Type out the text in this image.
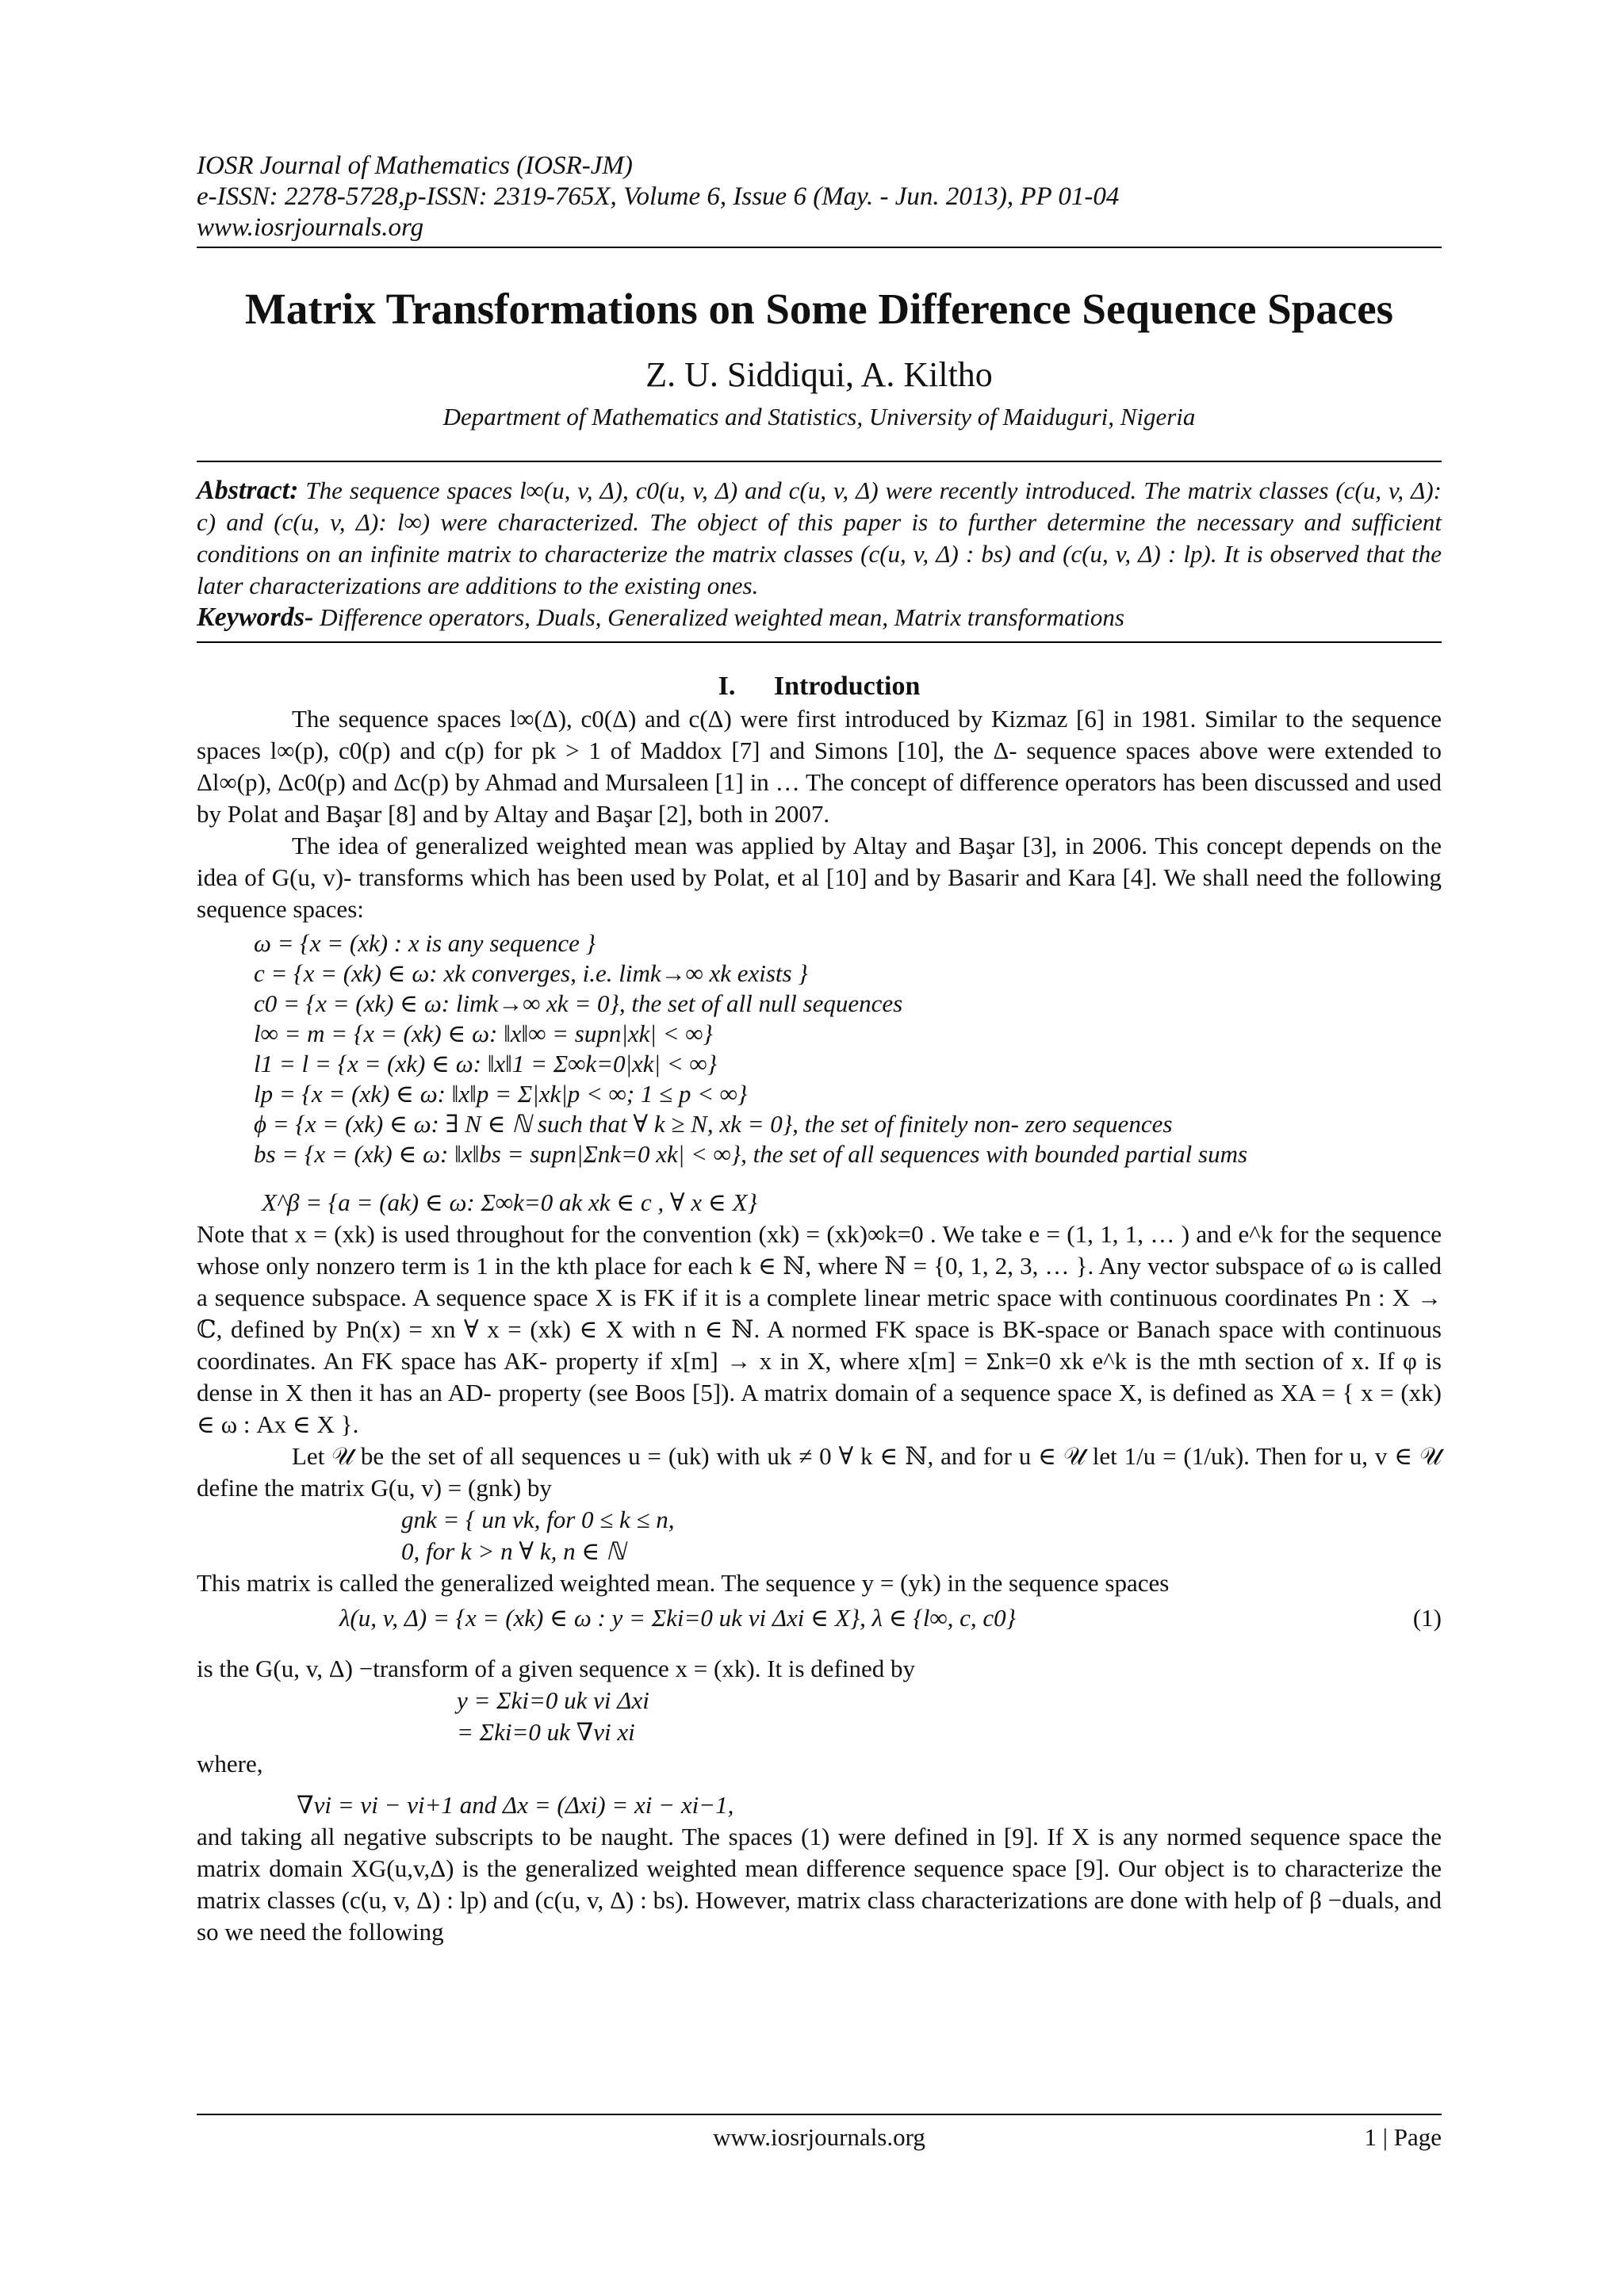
IOSR Journal of Mathematics (IOSR-JM)
e-ISSN: 2278-5728,p-ISSN: 2319-765X, Volume 6, Issue 6 (May. - Jun. 2013), PP 01-04
www.iosrjournals.org
Matrix Transformations on Some Difference Sequence Spaces
Z. U. Siddiqui, A. Kiltho
Department of Mathematics and Statistics, University of Maiduguri, Nigeria
Abstract: The sequence spaces l∞(u, v, Δ), c0(u, v, Δ) and c(u, v, Δ) were recently introduced. The matrix classes (c(u, v, Δ): c) and (c(u, v, Δ): l∞) were characterized. The object of this paper is to further determine the necessary and sufficient conditions on an infinite matrix to characterize the matrix classes (c(u, v, Δ) : bs) and (c(u, v, Δ) : lp). It is observed that the later characterizations are additions to the existing ones.
Keywords- Difference operators, Duals, Generalized weighted mean, Matrix transformations
I. Introduction

The sequence spaces l∞(Δ), c0(Δ) and c(Δ) were first introduced by Kizmaz [6] in 1981. Similar to the sequence spaces l∞(p), c0(p) and c(p) for pk > 1 of Maddox [7] and Simons [10], the Δ- sequence spaces above were extended to Δl∞(p), Δc0(p) and Δc(p) by Ahmad and Mursaleen [1] in … The concept of difference operators has been discussed and used by Polat and Başar [8] and by Altay and Başar [2], both in 2007.

The idea of generalized weighted mean was applied by Altay and Başar [3], in 2006. This concept depends on the idea of G(u, v)- transforms which has been used by Polat, et al [10] and by Basarir and Kara [4]. We shall need the following sequence spaces:

ω = {x = (xk) : x is any sequence }
c = {x = (xk) ∈ ω: xk converges, i.e. limk→∞ xk exists }
c0 = {x = (xk) ∈ ω: limk→∞ xk = 0}, the set of all null sequences
l∞ = m = {x = (xk) ∈ ω: ‖x‖∞ = supn|xk| < ∞}
l1 = l = {x = (xk) ∈ ω: ‖x‖1 = Σ∞k=0|xk| < ∞}
lp = {x = (xk) ∈ ω: ‖x‖p = Σ|xk|p < ∞; 1 ≤ p < ∞}
ϕ = {x = (xk) ∈ ω: ∃ N ∈ ℕ such that ∀ k ≥ N, xk = 0}, the set of finitely non- zero sequences
bs = {x = (xk) ∈ ω: ‖x‖bs = supn|Σnk=0 xk| < ∞}, the set of all sequences with bounded partial sums
X^β = {a = (ak) ∈ ω: Σ∞k=0 ak xk ∈ c , ∀ x ∈ X}

Note that x = (xk) is used throughout for the convention (xk) = (xk)∞k=0 . We take e = (1, 1, 1, … ) and e^k for the sequence whose only nonzero term is 1 in the kth place for each k ∈ ℕ, where ℕ = {0, 1, 2, 3, … }. Any vector subspace of ω is called a sequence subspace. A sequence space X is FK if it is a complete linear metric space with continuous coordinates Pn : X → ℂ, defined by Pn(x) = xn ∀ x = (xk) ∈ X with n ∈ ℕ. A normed FK space is BK-space or Banach space with continuous coordinates. An FK space has AK- property if x[m] → x in X, where x[m] = Σnk=0 xk e^k is the mth section of x. If φ is dense in X then it has an AD- property (see Boos [5]). A matrix domain of a sequence space X, is defined as XA = { x = (xk) ∈ ω : Ax ∈ X }.

Let 𝒰 be the set of all sequences u = (uk) with uk ≠ 0 ∀ k ∈ ℕ, and for u ∈ 𝒰 let 1/u = (1/uk). Then for u, v ∈ 𝒰 define the matrix G(u, v) = (gnk) by

gnk = { un vk, for 0 ≤ k ≤ n,
0, for k > n ∀ k, n ∈ ℕ

This matrix is called the generalized weighted mean. The sequence y = (yk) in the sequence spaces

λ(u, v, Δ) = {x = (xk) ∈ ω : y = Σki=0 uk vi Δxi ∈ X}, λ ∈ {l∞, c, c0}	(1)

is the G(u, v, Δ) −transform of a given sequence x = (xk). It is defined by

y = Σki=0 uk vi Δxi
= Σki=0 uk ∇vi xi

where,

∇vi = vi − vi+1 and Δx = (Δxi) = xi − xi−1,

and taking all negative subscripts to be naught. The spaces (1) were defined in [9]. If X is any normed sequence space the matrix domain XG(u,v,Δ) is the generalized weighted mean difference sequence space [9]. Our object is to characterize the matrix classes (c(u, v, Δ) : lp) and (c(u, v, Δ) : bs). However, matrix class characterizations are done with help of β −duals, and so we need the following

www.iosrjournals.org	1 | Page
